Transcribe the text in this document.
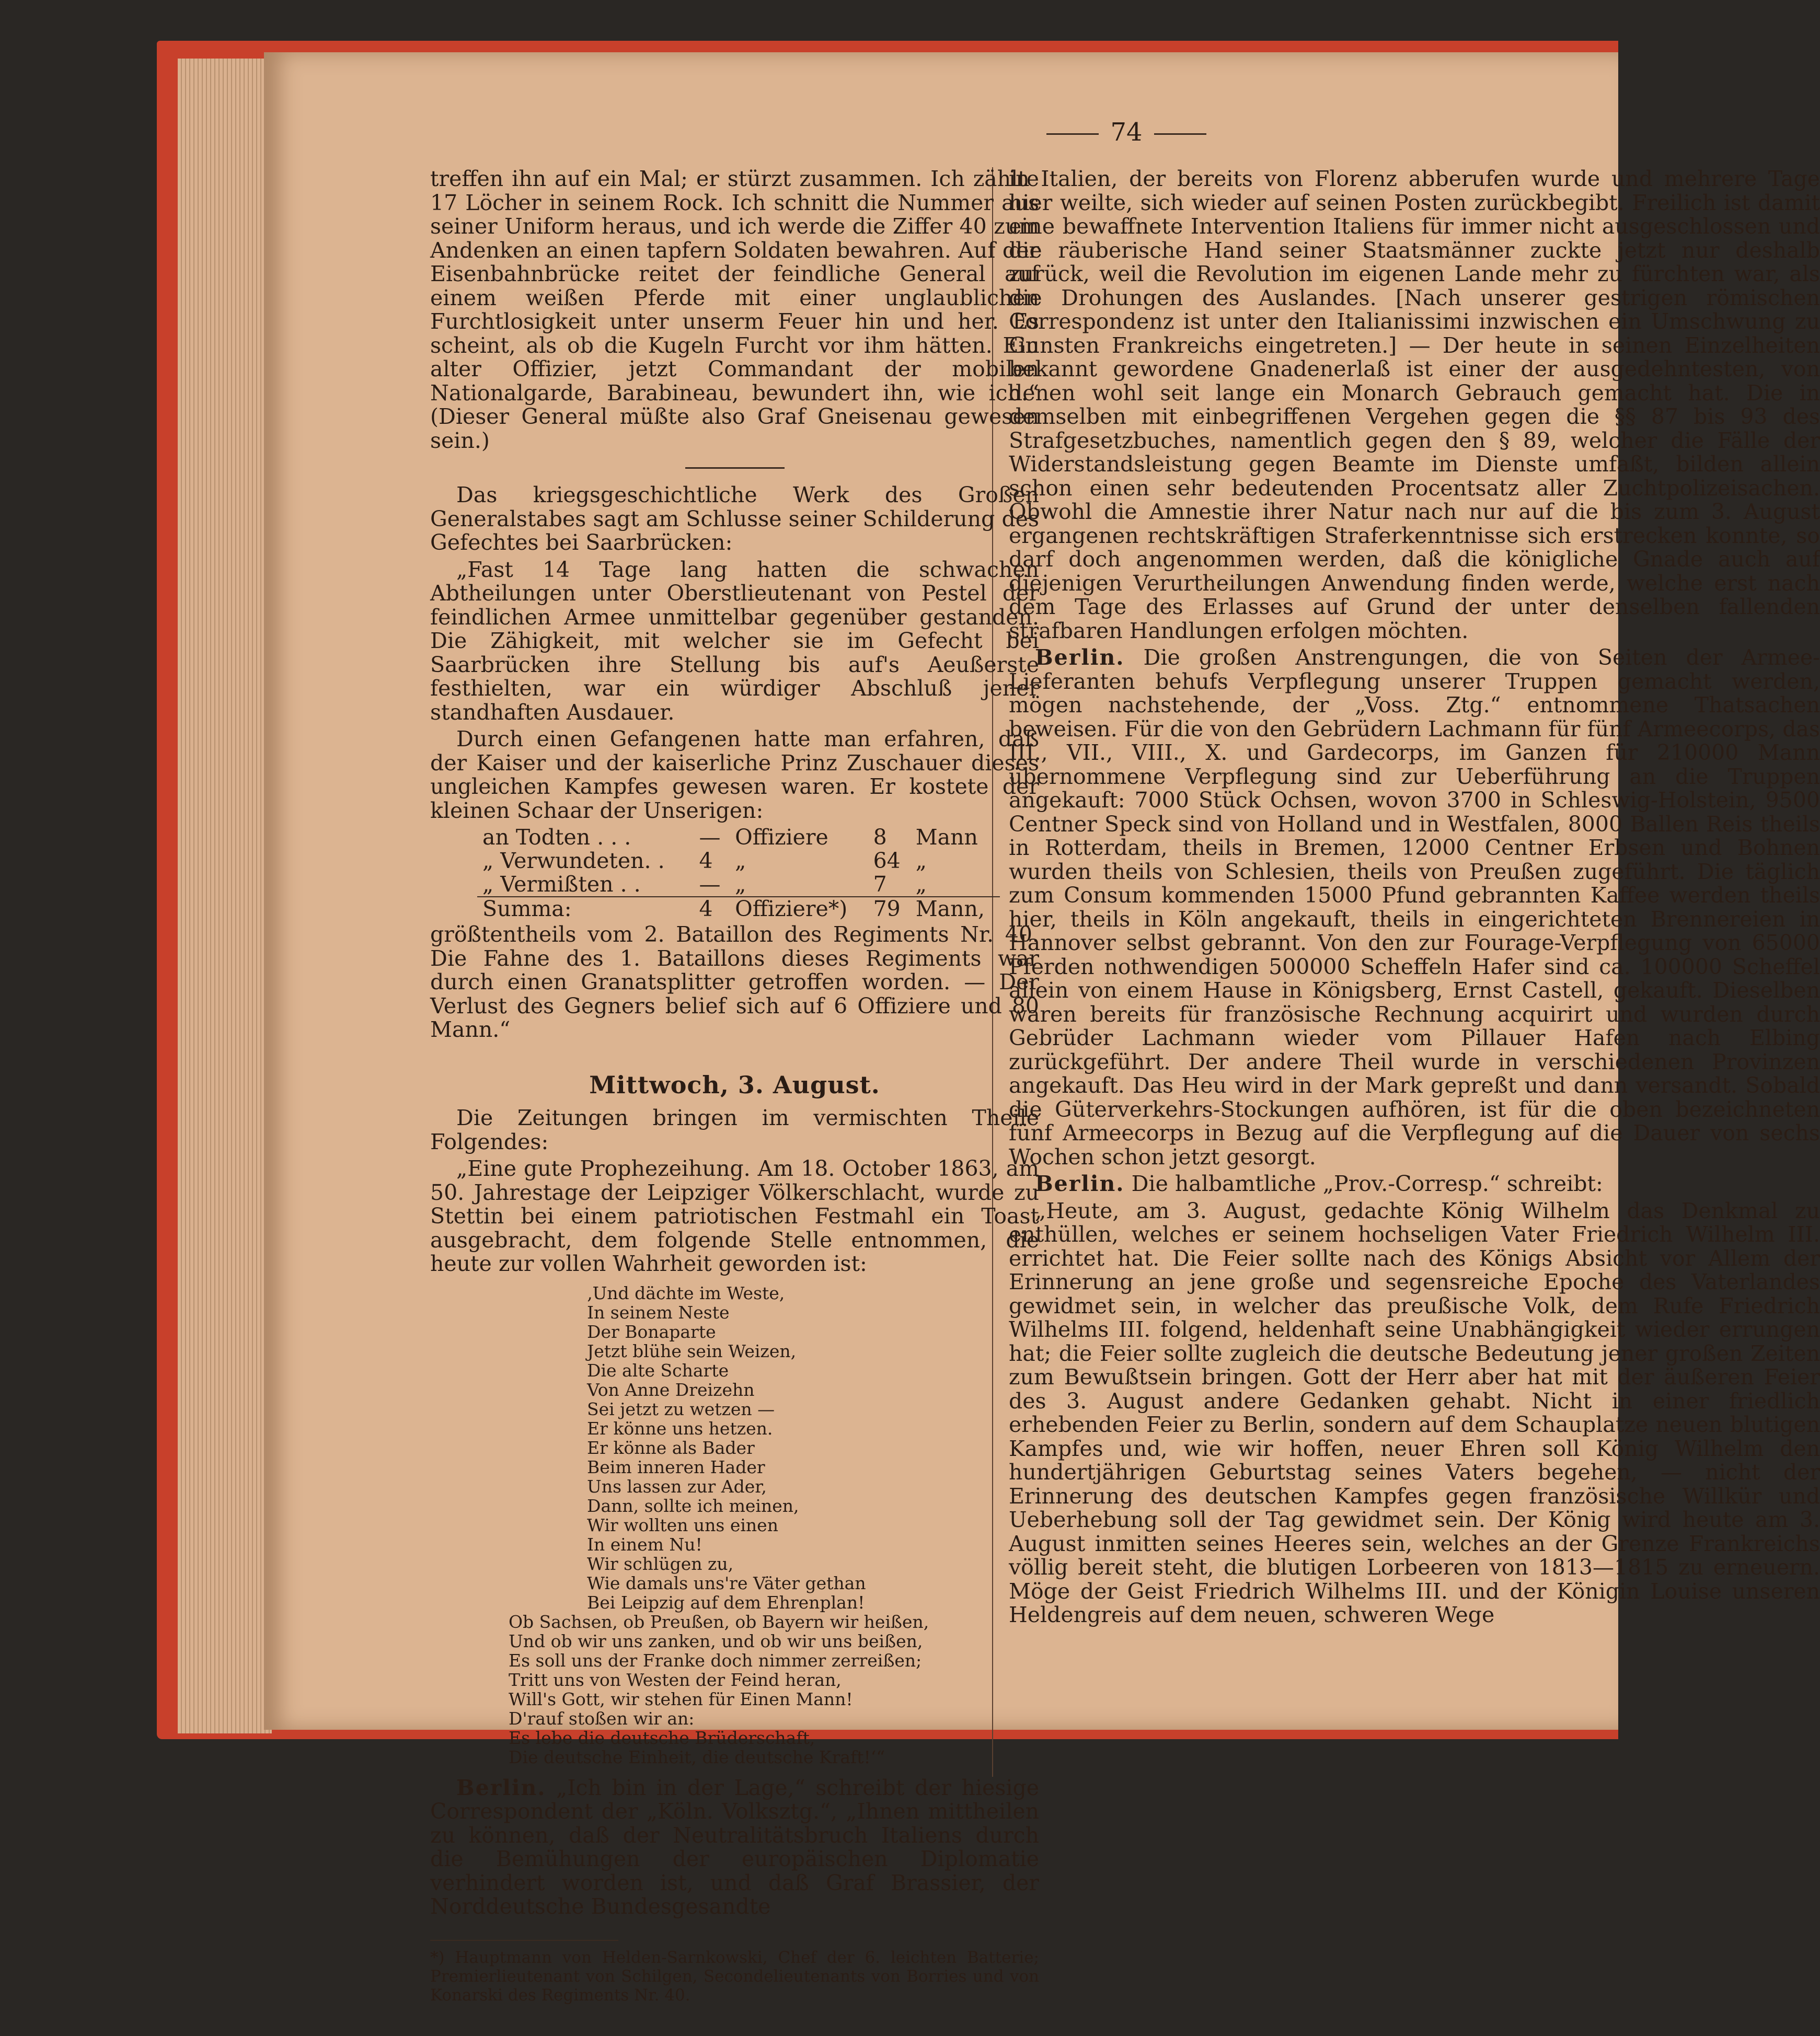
74

treffen ihn auf ein Mal; er stürzt zusammen. Ich zählte 17 Löcher in seinem Rock. Ich schnitt die Nummer aus seiner Uniform heraus, und ich werde die Ziffer 40 zum Andenken an einen tapfern Soldaten bewahren. Auf der Eisenbahnbrücke reitet der feindliche General auf einem weißen Pferde mit einer unglaublichen Furchtlosigkeit unter unserm Feuer hin und her. Es scheint, als ob die Kugeln Furcht vor ihm hätten. Ein alter Offizier, jetzt Commandant der mobilen Nationalgarde, Barabineau, bewundert ihn, wie ich.“ (Dieser General müßte also Graf Gneisenau gewesen sein.)

Das kriegsgeschichtliche Werk des Großen Generalstabes sagt am Schlusse seiner Schilderung des Gefechtes bei Saarbrücken:

„Fast 14 Tage lang hatten die schwachen Abtheilungen unter Oberstlieutenant von Pestel der feindlichen Armee unmittelbar gegenüber gestanden. Die Zähigkeit, mit welcher sie im Gefecht bei Saarbrücken ihre Stellung bis auf's Aeußerste festhielten, war ein würdiger Abschluß jener standhaften Ausdauer.

Durch einen Gefangenen hatte man erfahren, daß der Kaiser und der kaiserliche Prinz Zuschauer dieses ungleichen Kampfes gewesen waren. Er kostete der kleinen Schaar der Unserigen:

an Todten . . .	—	Offiziere	8	Mann
„ Verwundeten. .	4	„	64	„
„ Vermißten . .	—	„	7	„
Summa:	4	Offiziere*)	79	Mann,

größtentheils vom 2. Bataillon des Regiments Nr. 40. Die Fahne des 1. Bataillons dieses Regiments war durch einen Granatsplitter getroffen worden. — Der Verlust des Gegners belief sich auf 6 Offiziere und 80 Mann.“

Mittwoch, 3. August.

Die Zeitungen bringen im vermischten Theile Folgendes:

„Eine gute Prophezeihung. Am 18. October 1863, am 50. Jahrestage der Leipziger Völkerschlacht, wurde zu Stettin bei einem patriotischen Festmahl ein Toast ausgebracht, dem folgende Stelle entnommen, die heute zur vollen Wahrheit geworden ist:

‚Und dächte im Weste,
In seinem Neste
Der Bonaparte
Jetzt blühe sein Weizen,
Die alte Scharte
Von Anne Dreizehn
Sei jetzt zu wetzen —
Er könne uns hetzen.
Er könne als Bader
Beim inneren Hader
Uns lassen zur Ader,
Dann, sollte ich meinen,
Wir wollten uns einen
In einem Nu!
Wir schlügen zu,
Wie damals uns're Väter gethan
Bei Leipzig auf dem Ehrenplan!
Ob Sachsen, ob Preußen, ob Bayern wir heißen,
Und ob wir uns zanken, und ob wir uns beißen,
Es soll uns der Franke doch nimmer zerreißen;
Tritt uns von Westen der Feind heran,
Will's Gott, wir stehen für Einen Mann!
D'rauf stoßen wir an:
Es lebe die deutsche Brüderschaft,
Die deutsche Einheit, die deutsche Kraft!‘“

Berlin. „Ich bin in der Lage,“ schreibt der hiesige Correspondent der „Köln. Volksztg.“, „Ihnen mittheilen zu können, daß der Neutralitätsbruch Italiens durch die Bemühungen der europäischen Diplomatie verhindert worden ist, und daß Graf Brassier, der Norddeutsche Bundesgesandte

*) Hauptmann von Helden-Sarnkowski, Chef der 6. leichten Batterie; Premierlieutenant von Schilgen, Secondelieutenants von Borries und von Konarski des Regiments Nr. 40.

in Italien, der bereits von Florenz abberufen wurde und mehrere Tage hier weilte, sich wieder auf seinen Posten zurückbegibt. Freilich ist damit eine bewaffnete Intervention Italiens für immer nicht ausgeschlossen und die räuberische Hand seiner Staatsmänner zuckte jetzt nur deshalb zurück, weil die Revolution im eigenen Lande mehr zu fürchten war, als die Drohungen des Auslandes. [Nach unserer gestrigen römischen Correspondenz ist unter den Italianissimi inzwischen ein Umschwung zu Gunsten Frankreichs eingetreten.] — Der heute in seinen Einzelheiten bekannt gewordene Gnadenerlaß ist einer der ausgedehntesten, von denen wohl seit lange ein Monarch Gebrauch gemacht hat. Die in demselben mit einbegriffenen Vergehen gegen die §§ 87 bis 93 des Strafgesetzbuches, namentlich gegen den § 89, welcher die Fälle der Widerstandsleistung gegen Beamte im Dienste umfaßt, bilden allein schon einen sehr bedeutenden Procentsatz aller Zuchtpolizeisachen. Obwohl die Amnestie ihrer Natur nach nur auf die bis zum 3. August ergangenen rechtskräftigen Straferkenntnisse sich erstrecken konnte, so darf doch angenommen werden, daß die königliche Gnade auch auf diejenigen Verurtheilungen Anwendung finden werde, welche erst nach dem Tage des Erlasses auf Grund der unter denselben fallenden strafbaren Handlungen erfolgen möchten.

Berlin. Die großen Anstrengungen, die von Seiten der Armee-Lieferanten behufs Verpflegung unserer Truppen gemacht werden, mögen nachstehende, der „Voss. Ztg.“ entnommene Thatsachen beweisen. Für die von den Gebrüdern Lachmann für fünf Armeecorps, das III., VII., VIII., X. und Gardecorps, im Ganzen für 210000 Mann übernommene Verpflegung sind zur Ueberführung an die Truppen angekauft: 7000 Stück Ochsen, wovon 3700 in Schleswig-Holstein, 9500 Centner Speck sind von Holland und in Westfalen, 8000 Ballen Reis theils in Rotterdam, theils in Bremen, 12000 Centner Erbsen und Bohnen wurden theils von Schlesien, theils von Preußen zugeführt. Die täglich zum Consum kommenden 15000 Pfund gebrannten Kaffee werden theils hier, theils in Köln angekauft, theils in eingerichteten Brennereien in Hannover selbst gebrannt. Von den zur Fourage-Verpflegung von 65000 Pferden nothwendigen 500000 Scheffeln Hafer sind ca. 100000 Scheffel allein von einem Hause in Königsberg, Ernst Castell, gekauft. Dieselben waren bereits für französische Rechnung acquirirt und wurden durch Gebrüder Lachmann wieder vom Pillauer Hafen nach Elbing zurückgeführt. Der andere Theil wurde in verschiedenen Provinzen angekauft. Das Heu wird in der Mark gepreßt und dann versandt. Sobald die Güterverkehrs-Stockungen aufhören, ist für die oben bezeichneten fünf Armeecorps in Bezug auf die Verpflegung auf die Dauer von sechs Wochen schon jetzt gesorgt.

Berlin. Die halbamtliche „Prov.-Corresp.“ schreibt:

„Heute, am 3. August, gedachte König Wilhelm das Denkmal zu enthüllen, welches er seinem hochseligen Vater Friedrich Wilhelm III. errichtet hat. Die Feier sollte nach des Königs Absicht vor Allem der Erinnerung an jene große und segensreiche Epoche des Vaterlandes gewidmet sein, in welcher das preußische Volk, dem Rufe Friedrich Wilhelms III. folgend, heldenhaft seine Unabhängigkeit wieder errungen hat; die Feier sollte zugleich die deutsche Bedeutung jener großen Zeiten zum Bewußtsein bringen. Gott der Herr aber hat mit der äußeren Feier des 3. August andere Gedanken gehabt. Nicht in einer friedlich erhebenden Feier zu Berlin, sondern auf dem Schauplatze neuen blutigen Kampfes und, wie wir hoffen, neuer Ehren soll König Wilhelm den hundertjährigen Geburtstag seines Vaters begehen, — nicht der Erinnerung des deutschen Kampfes gegen französische Willkür und Ueberhebung soll der Tag gewidmet sein. Der König wird heute am 3. August inmitten seines Heeres sein, welches an der Grenze Frankreichs völlig bereit steht, die blutigen Lorbeeren von 1813—1815 zu erneuern. Möge der Geist Friedrich Wilhelms III. und der Königin Louise unseren Heldengreis auf dem neuen, schweren Wege
